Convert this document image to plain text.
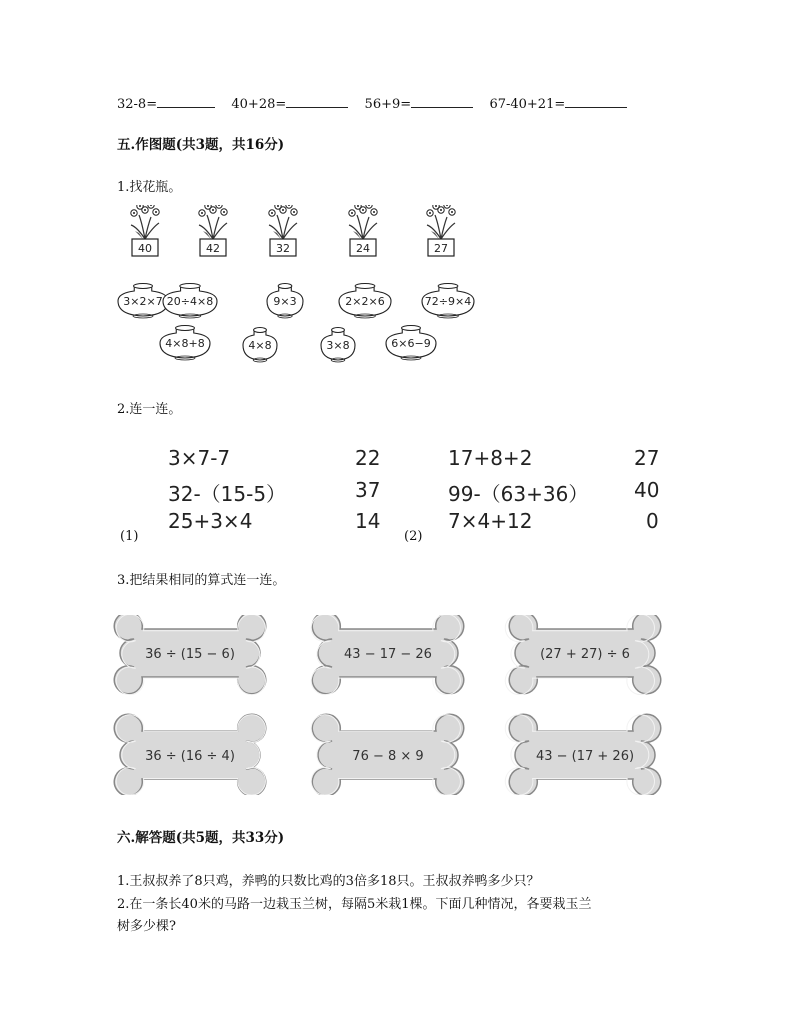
32-8=	40+28=	56+9=	67-40+21=
五.作图题(共3题，共16分)
1.找花瓶。
40	42	32	24	27
3×2×7 20÷4×8	9×3	2×2×6	72÷9×4
4×8+8	4×8	3×8	6×6−9
2.连一连。
3×7-7
32-（15-5）
25+3×4
22
37
14
(1)
17+8+2
99-（63+36）
7×4+12
27
40
0
(2)
3.把结果相同的算式连一连。
36 ÷ (15 − 6)	43 − 17 − 26	(27 + 27) ÷ 6
36 ÷ (16 ÷ 4)	76 − 8 × 9	43 − (17 + 26)
六.解答题(共5题，共33分)
1.王叔叔养了8只鸡，养鸭的只数比鸡的3倍多18只。王叔叔养鸭多少只？
2.在一条长40米的马路一边栽玉兰树，每隔5米栽1棵。下面几种情况，各要栽玉兰
树多少棵?
